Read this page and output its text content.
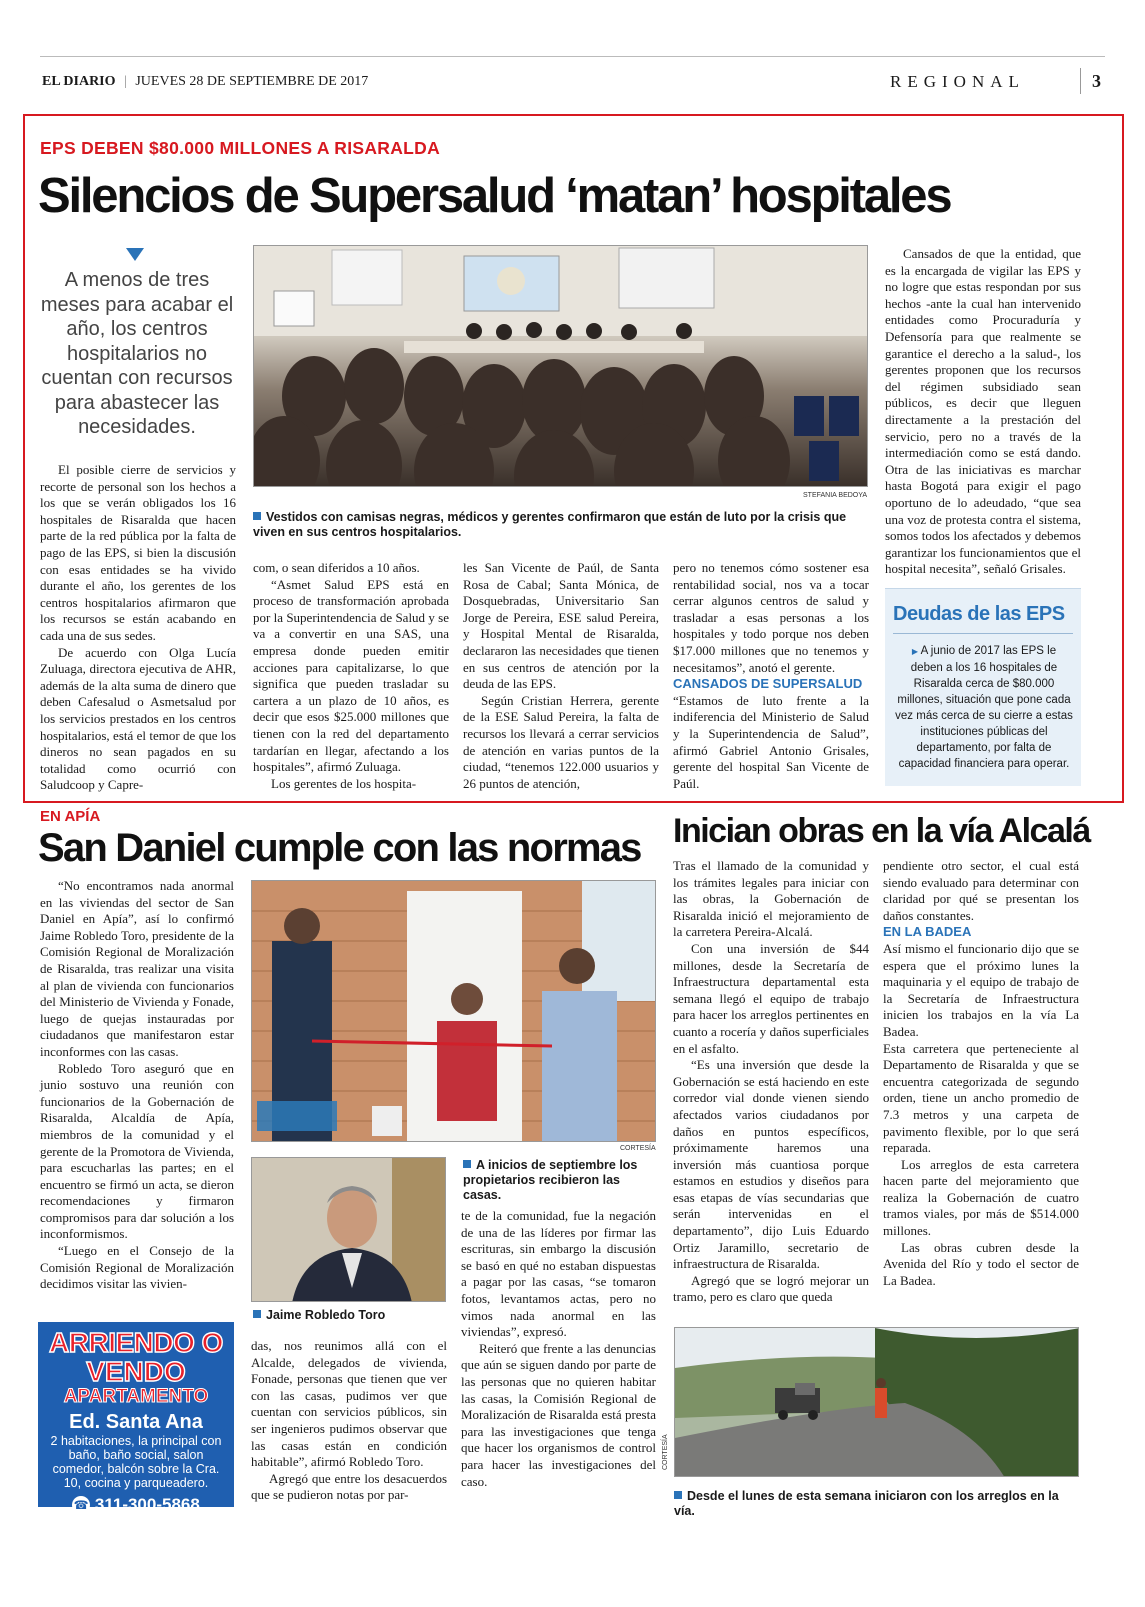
EL DIARIO | JUEVES 28 DE SEPTIEMBRE DE 2017	REGIONAL	3
EPS DEBEN $80.000 MILLONES A RISARALDA
Silencios de Supersalud ‘matan’ hospitales
A menos de tres meses para acabar el año, los centros hospitalarios no cuentan con recursos para abastecer las necesidades.

El posible cierre de servicios y recorte de personal son los hechos a los que se verán obligados los 16 hospitales de Risaralda que hacen parte de la red pública por la falta de pago de las EPS, si bien la discusión con esas entidades se ha vivido durante el año, los gerentes de los centros hospitalarios afirmaron que los recursos se están acabando en cada una de sus sedes.

De acuerdo con Olga Lucía Zuluaga, directora ejecutiva de AHR, además de la alta suma de dinero que deben Cafesalud o Asmetsalud por los servicios prestados en los centros hospitalarios, está el temor de que los dineros no sean pagados en su totalidad como ocurrió con Saludcoop y Capre-

STEFANIA BEDOYA
Vestidos con camisas negras, médicos y gerentes confirmaron que están de luto por la crisis que viven en sus centros hospitalarios.

com, o sean diferidos a 10 años.

“Asmet Salud EPS está en proceso de transformación aprobada por la Superintendencia de Salud y se va a convertir en una SAS, una empresa donde pueden emitir acciones para capitalizarse, lo que significa que pueden trasladar su cartera a un plazo de 10 años, es decir que esos $25.000 millones que tienen con la red del departamento tardarían en llegar, afectando a los hospitales”, afirmó Zuluaga.

Los gerentes de los hospita-

les San Vicente de Paúl, de Santa Rosa de Cabal; Santa Mónica, de Dosquebradas, Universitario San Jorge de Pereira, ESE salud Pereira, y Hospital Mental de Risaralda, declararon las necesidades que tienen en sus centros de atención por la deuda de las EPS.

Según Cristian Herrera, gerente de la ESE Salud Pereira, la falta de recursos los llevará a cerrar servicios de atención en varias puntos de la ciudad, “tenemos 122.000 usuarios y 26 puntos de atención,

pero no tenemos cómo sostener esa rentabilidad social, nos va a tocar cerrar algunos centros de salud y trasladar a esas personas a los hospitales y todo porque nos deben $17.000 millones que no tenemos y necesitamos”, anotó el gerente.

CANSADOS DE SUPERSALUD

“Estamos de luto frente a la indiferencia del Ministerio de Salud y la Superintendencia de Salud”, afirmó Gabriel Antonio Grisales, gerente del hospital San Vicente de Paúl.

Cansados de que la entidad, que es la encargada de vigilar las EPS y no logre que estas respondan por sus hechos -ante la cual han intervenido entidades como Procuraduría y Defensoría para que realmente se garantice el derecho a la salud-, los gerentes proponen que los recursos del régimen subsidiado sean públicos, es decir que lleguen directamente a la prestación del servicio, pero no a través de la intermediación como se está dando. Otra de las iniciativas es marchar hasta Bogotá para exigir el pago oportuno de lo adeudado, “que sea una voz de protesta contra el sistema, somos todos los afectados y debemos garantizar los funcionamientos que el hospital necesita”, señaló Grisales.

Deudas de las EPS
▶ A junio de 2017 las EPS le deben a los 16 hospitales de Risaralda cerca de $80.000 millones, situación que pone cada vez más cerca de su cierre a estas instituciones públicas del departamento, por falta de capacidad financiera para operar.
EN APÍA
San Daniel cumple con las normas

“No encontramos nada anormal en las viviendas del sector de San Daniel en Apía”, así lo confirmó Jaime Robledo Toro, presidente de la Comisión Regional de Moralización de Risaralda, tras realizar una visita al plan de vivienda con funcionarios del Ministerio de Vivienda y Fonade, luego de quejas instauradas por ciudadanos que manifestaron estar inconformes con las casas.

Robledo Toro aseguró que en junio sostuvo una reunión con funcionarios de la Gobernación de Risaralda, Alcaldía de Apía, miembros de la comunidad y el gerente de la Promotora de Vivienda, para escucharlas las partes; en el encuentro se firmó un acta, se dieron recomendaciones y firmaron compromisos para dar solución a los inconformismos.

“Luego en el Consejo de la Comisión Regional de Moralización decidimos visitar las vivien-

CORTESÍA
Jaime Robledo Toro
A inicios de septiembre los propietarios recibieron las casas.

das, nos reunimos allá con el Alcalde, delegados de vivienda, Fonade, personas que tienen que ver con las casas, pudimos ver que cuentan con servicios públicos, sin ser ingenieros pudimos observar que las casas están en condición habitable”, afirmó Robledo Toro.

Agregó que entre los desacuerdos que se pudieron notas por par-

te de la comunidad, fue la negación de una de las líderes por firmar las escrituras, sin embargo la discusión se basó en qué no estaban dispuestas a pagar por las casas, “se tomaron fotos, levantamos actas, pero no vimos nada anormal en las viviendas”, expresó.

Reiteró que frente a las denuncias que aún se siguen dando por parte de las personas que no quieren habitar las casas, la Comisión Regional de Moralización de Risaralda está presta para las investigaciones que tenga que hacer los organismos de control para hacer las investigaciones del caso.

ARRIENDO O
VENDO
APARTAMENTO
Ed. Santa Ana
2 habitaciones, la principal con baño, baño social, salon comedor, balcón sobre la Cra. 10, cocina y parqueadero.
☎ 311-300-5868
Inician obras en la vía Alcalá

Tras el llamado de la comunidad y los trámites legales para iniciar con las obras, la Gobernación de Risaralda inició el mejoramiento de la carretera Pereira-Alcalá.

Con una inversión de $44 millones, desde la Secretaría de Infraestructura departamental esta semana llegó el equipo de trabajo para hacer los arreglos pertinentes en cuanto a rocería y daños superficiales en el asfalto.

“Es una inversión que desde la Gobernación se está haciendo en este corredor vial donde vienen siendo afectados varios ciudadanos por daños en puntos específicos, próximamente haremos una inversión más cuantiosa porque estamos en estudios y diseños para esas etapas de vías secundarias que serán intervenidas en el departamento”, dijo Luis Eduardo Ortiz Jaramillo, secretario de infraestructura de Risaralda.

Agregó que se logró mejorar un tramo, pero es claro que queda

pendiente otro sector, el cual está siendo evaluado para determinar con claridad por qué se presentan los daños constantes.

EN LA BADEA

Así mismo el funcionario dijo que se espera que el próximo lunes la maquinaria y el equipo de trabajo de la Secretaría de Infraestructura inicien los trabajos en la vía La Badea.

Esta carretera que perteneciente al Departamento de Risaralda y que se encuentra categorizada de segundo orden, tiene un ancho promedio de 7.3 metros y una carpeta de pavimento flexible, por lo que será reparada.

Los arreglos de esta carretera hacen parte del mejoramiento que realiza la Gobernación de cuatro tramos viales, por más de $514.000 millones.

Las obras cubren desde la Avenida del Río y todo el sector de La Badea.

CORTESÍA
Desde el lunes de esta semana iniciaron con los arreglos en la vía.
